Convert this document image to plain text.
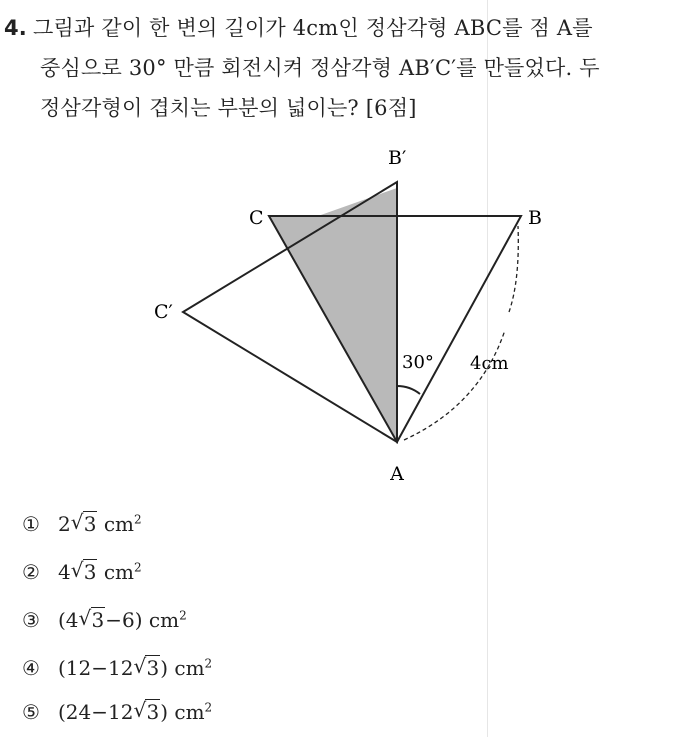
4. 그림과 같이 한 변의 길이가 4cm인 정삼각형 ABC를 점 A를
중심으로 30° 만큼 회전시켜 정삼각형 AB′C′를 만들었다. 두
정삼각형이 겹치는 부분의 넓이는? [6점]
A
B
C
B′
C′
30° 4cm
① 2 √ 3 $cm^2$
② 4 √ 3 $cm^2$
③ (4 √ 3−6) $cm^2$
④ (12−12 √ 3) $cm^2$
⑤ (24−12 √ 3) $cm^2$
